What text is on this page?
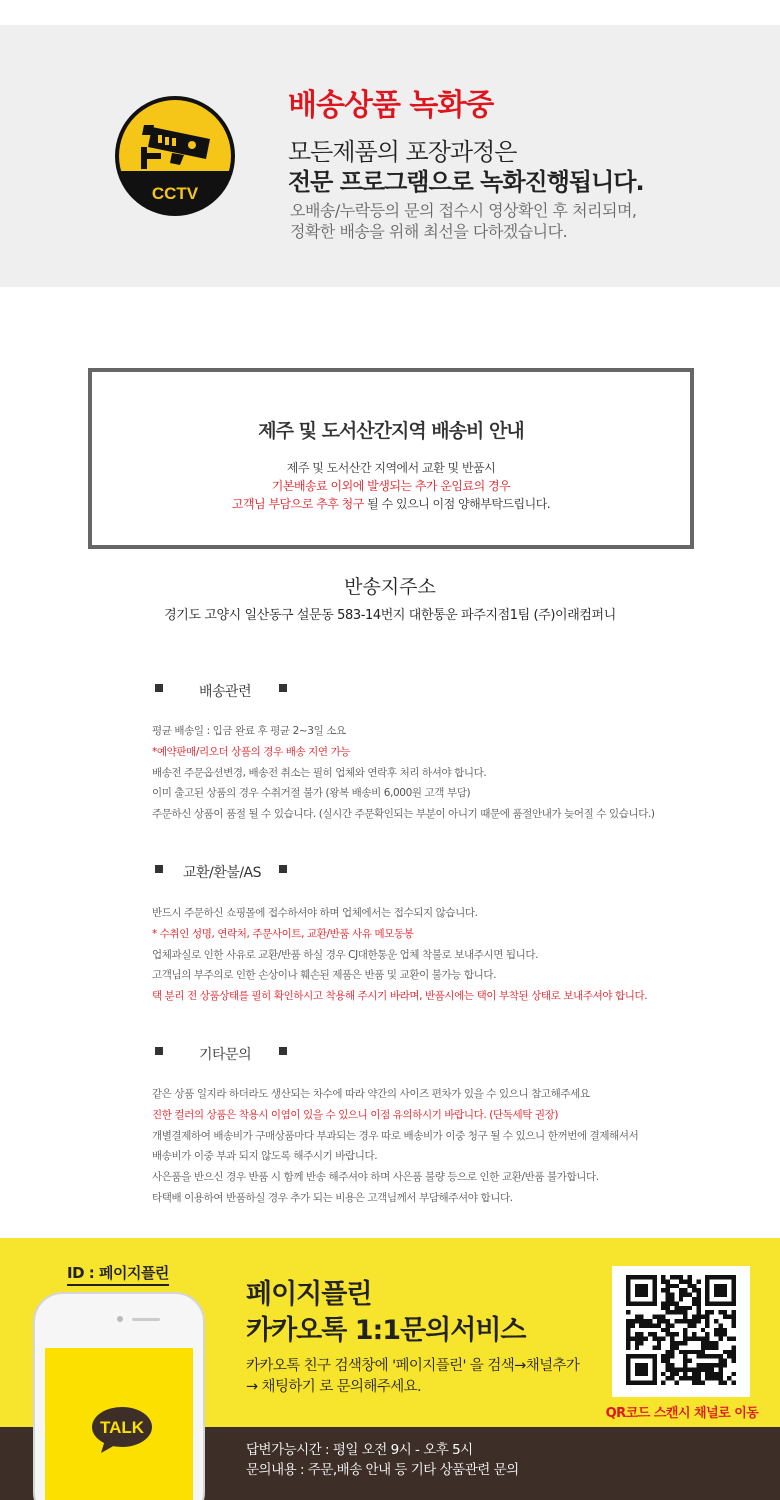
CCTV
배송상품 녹화중
모든제품의 포장과정은
전문 프로그램으로 녹화진행됩니다.
오배송/누락등의 문의 접수시 영상확인 후 처리되며,
정확한 배송을 위해 최선을 다하겠습니다.
제주 및 도서산간지역 배송비 안내
제주 및 도서산간 지역에서 교환 및 반품시
기본배송료 이외에 발생되는 추가 운임료의 경우
고객님 부담으로 추후 청구 될 수 있으니 이점 양해부탁드립니다.
반송지주소
경기도 고양시 일산동구 설문동 583-14번지 대한통운 파주지점1팀 (주)이래컴퍼니
배송관련
평균 배송일 : 입금 완료 후 평균 2~3일 소요
*예약판매/리오더 상품의 경우 배송 지연 가능
배송전 주문옵션변경, 배송전 취소는 필히 업체와 연락후 처리 하셔야 합니다.
이미 출고된 상품의 경우 수취거절 불가 (왕복 배송비 6,000원 고객 부담)
주문하신 상품이 품절 될 수 있습니다. (실시간 주문확인되는 부분이 아니기 때문에 품절안내가 늦어질 수 있습니다.)
교환/환불/AS
반드시 주문하신 쇼핑몰에 접수하셔야 하며 업체에서는 접수되지 않습니다.
* 수취인 성명, 연락처, 주문사이트, 교환/반품 사유 메모동봉
업체과실로 인한 사유로 교환/반품 하실 경우 CJ대한통운 업체 착불로 보내주시면 됩니다.
고객님의 부주의로 인한 손상이나 훼손된 제품은 반품 및 교환이 불가능 합니다.
택 분리 전 상품상태를 필히 확인하시고 착용해 주시기 바라며, 반품시에는 택이 부착된 상태로 보내주셔야 합니다.
기타문의
같은 상품 일지라 하더라도 생산되는 차수에 따라 약간의 사이즈 편차가 있을 수 있으니 참고해주세요
진한 컬러의 상품은 착용시 이염이 있을 수 있으니 이점 유의하시기 바랍니다. (단독세탁 권장)
개별결제하여 배송비가 구매상품마다 부과되는 경우 따로 배송비가 이중 청구 될 수 있으니 한꺼번에 결제해셔서
배송비가 이중 부과 되지 않도록 해주시기 바랍니다.
사은품을 반으신 경우 반품 시 함께 반송 해주셔야 하며 사은품 불량 등으로 인한 교환/반품 불가합니다.
타택배 이용하여 반품하실 경우 추가 되는 비용은 고객님께서 부담해주셔야 합니다.
ID : 페이지플린
TALK
페이지플린
카카오톡 1:1문의서비스
카카오톡 친구 검색창에 '페이지플린' 을 검색→채널추가
→ 채팅하기 로 문의해주세요.
QR코드 스캔시 채널로 이동
답변가능시간 : 평일 오전 9시 - 오후 5시
문의내용 : 주문,배송 안내 등 기타 상품관련 문의
